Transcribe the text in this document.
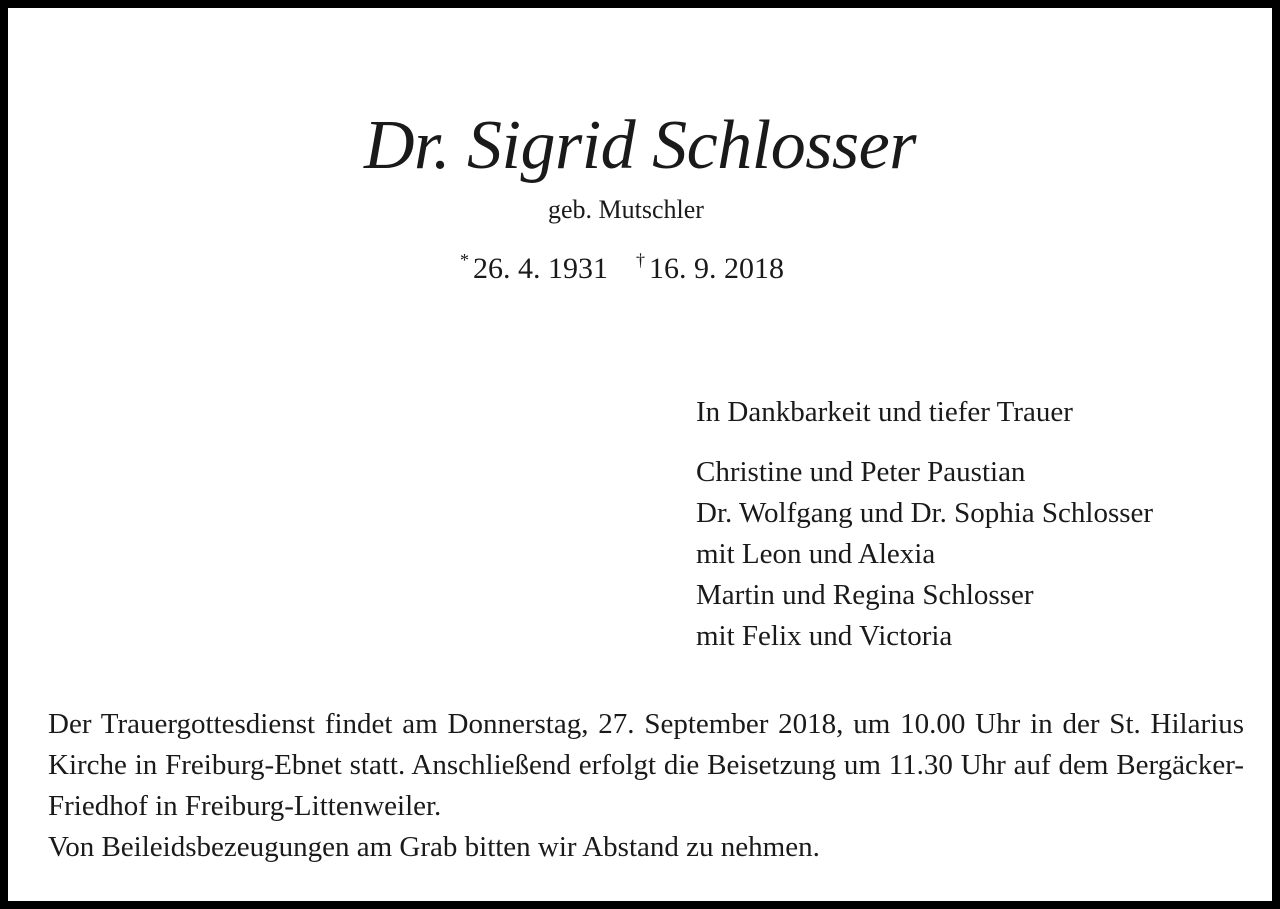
Dr. Sigrid Schlosser
geb. Mutschler
* 26. 4. 1931 † 16. 9. 2018

In Dankbarkeit und tiefer Trauer

Christine und Peter Paustian
Dr. Wolfgang und Dr. Sophia Schlosser
mit Leon und Alexia
Martin und Regina Schlosser
mit Felix und Victoria

Der Trauergottesdienst findet am Donnerstag, 27. September 2018, um 10.00 Uhr in der St. Hilarius Kirche in Freiburg-Ebnet statt. Anschließend erfolgt die Beisetzung um 11.30 Uhr auf dem Bergäcker-Friedhof in Freiburg-Littenweiler.

Von Beileidsbezeugungen am Grab bitten wir Abstand zu nehmen.
